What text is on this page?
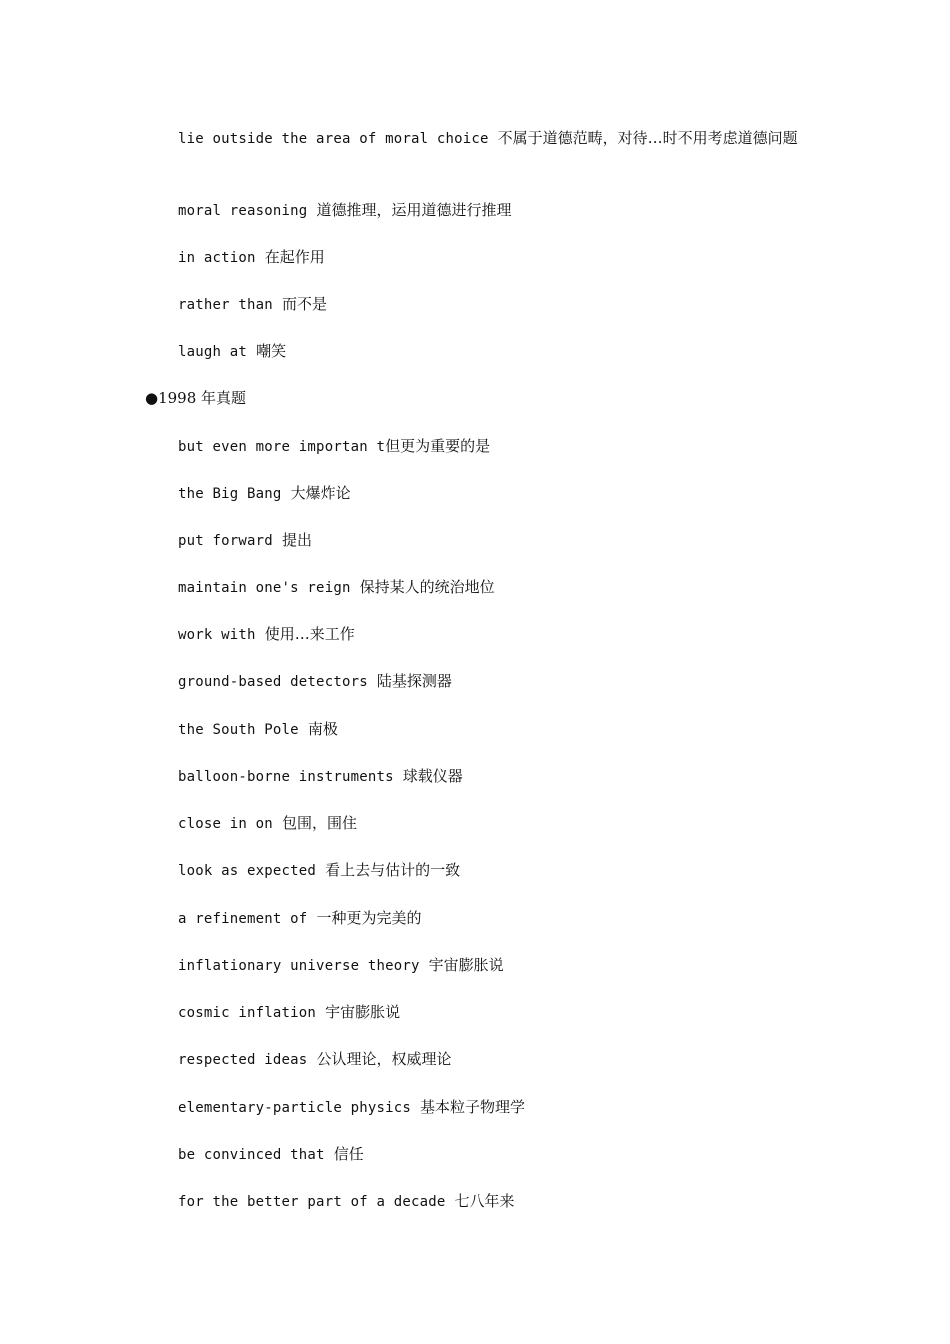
lie outside the area of moral choice 不属于道德范畴，对待…时不用考虑道德问题
moral reasoning 道德推理，运用道德进行推理
in action 在起作用
rather than 而不是
laugh at 嘲笑
●1998 年真题
but even more importan t但更为重要的是
the Big Bang 大爆炸论
put forward 提出
maintain one's reign 保持某人的统治地位
work with 使用…来工作
ground-based detectors 陆基探测器
the South Pole 南极
balloon-borne instruments 球载仪器
close in on 包围，围住
look as expected 看上去与估计的一致
a refinement of 一种更为完美的
inflationary universe theory 宇宙膨胀说
cosmic inflation 宇宙膨胀说
respected ideas 公认理论，权威理论
elementary-particle physics 基本粒子物理学
be convinced that 信任
for the better part of a decade 七八年来
